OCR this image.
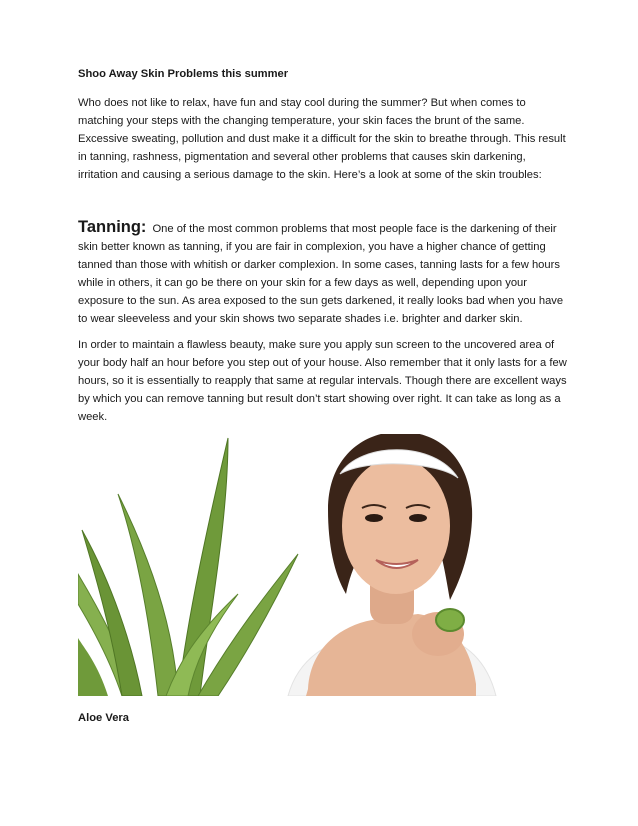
Shoo Away Skin Problems this summer

Who does not like to relax, have fun and stay cool during the summer? But when comes to matching your steps with the changing temperature, your skin faces the brunt of the same. Excessive sweating, pollution and dust make it a difficult for the skin to breathe through. This result in tanning, rashness, pigmentation and several other problems that causes skin darkening, irritation and causing a serious damage to the skin. Here’s a look at some of the skin troubles:

Tanning: One of the most common problems that most people face is the darkening of their skin better known as tanning, if you are fair in complexion, you have a higher chance of getting tanned than those with whitish or darker complexion. In some cases, tanning lasts for a few hours while in others, it can go be there on your skin for a few days as well, depending upon your exposure to the sun. As area exposed to the sun gets darkened, it really looks bad when you have to wear sleeveless and your skin shows two separate shades i.e. brighter and darker skin.

In order to maintain a flawless beauty, make sure you apply sun screen to the uncovered area of your body half an hour before you step out of your house. Also remember that it only lasts for a few hours, so it is essentially to reapply that same at regular intervals. Though there are excellent ways by which you can remove tanning but result don’t start showing over right. It can take as long as a week.

Aloe Vera
